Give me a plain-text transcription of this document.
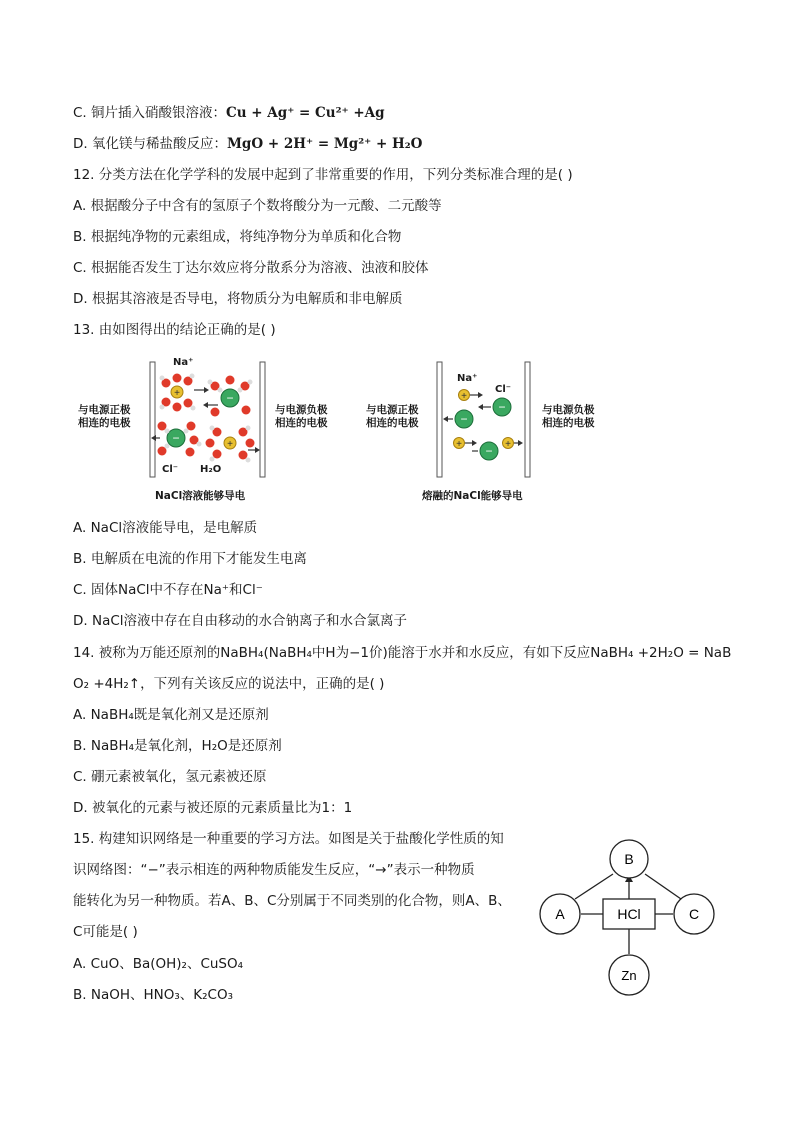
C. 铜片插入硝酸银溶液：Cu + Ag⁺ = Cu²⁺ +Ag
D. 氧化镁与稀盐酸反应：MgO + 2H⁺ = Mg²⁺ + H₂O
12. 分类方法在化学学科的发展中起到了非常重要的作用，下列分类标准合理的是( )
A. 根据酸分子中含有的氢原子个数将酸分为一元酸、二元酸等
B. 根据纯净物的元素组成，将纯净物分为单质和化合物
C. 根据能否发生丁达尔效应将分散系分为溶液、浊液和胶体
D. 根据其溶液是否导电，将物质分为电解质和非电解质
13. 由如图得出的结论正确的是( )
与电源正极
相连的电极
与电源负极
相连的电极
+	−
−	+
Na⁺
Cl⁻ H₂O
NaCl溶液能够导电
与电源正极
相连的电极
与电源负极
相连的电极
+
−
−
+ − +
Na⁺
Cl⁻
熔融的NaCl能够导电
A. NaCl溶液能导电，是电解质
B. 电解质在电流的作用下才能发生电离
C. 固体NaCl中不存在Na⁺和Cl⁻
D. NaCl溶液中存在自由移动的水合钠离子和水合氯离子
14. 被称为万能还原剂的NaBH₄(NaBH₄中H为−1价)能溶于水并和水反应，有如下反应NaBH₄ +2H₂O = NaB
O₂ +4H₂↑，下列有关该反应的说法中，正确的是( )
A. NaBH₄既是氧化剂又是还原剂
B. NaBH₄是氧化剂，H₂O是还原剂
C. 硼元素被氧化，氢元素被还原
D. 被氧化的元素与被还原的元素质量比为1：1
15. 构建知识网络是一种重要的学习方法。如图是关于盐酸化学性质的知
识网络图：“−”表示相连的两种物质能发生反应，“→”表示一种物质
能转化为另一种物质。若A、B、C分别属于不同类别的化合物，则A、B、
C可能是( )
A. CuO、Ba(OH)₂、CuSO₄
B. NaOH、HNO₃、K₂CO₃
B
A	C
Zn
HCl
